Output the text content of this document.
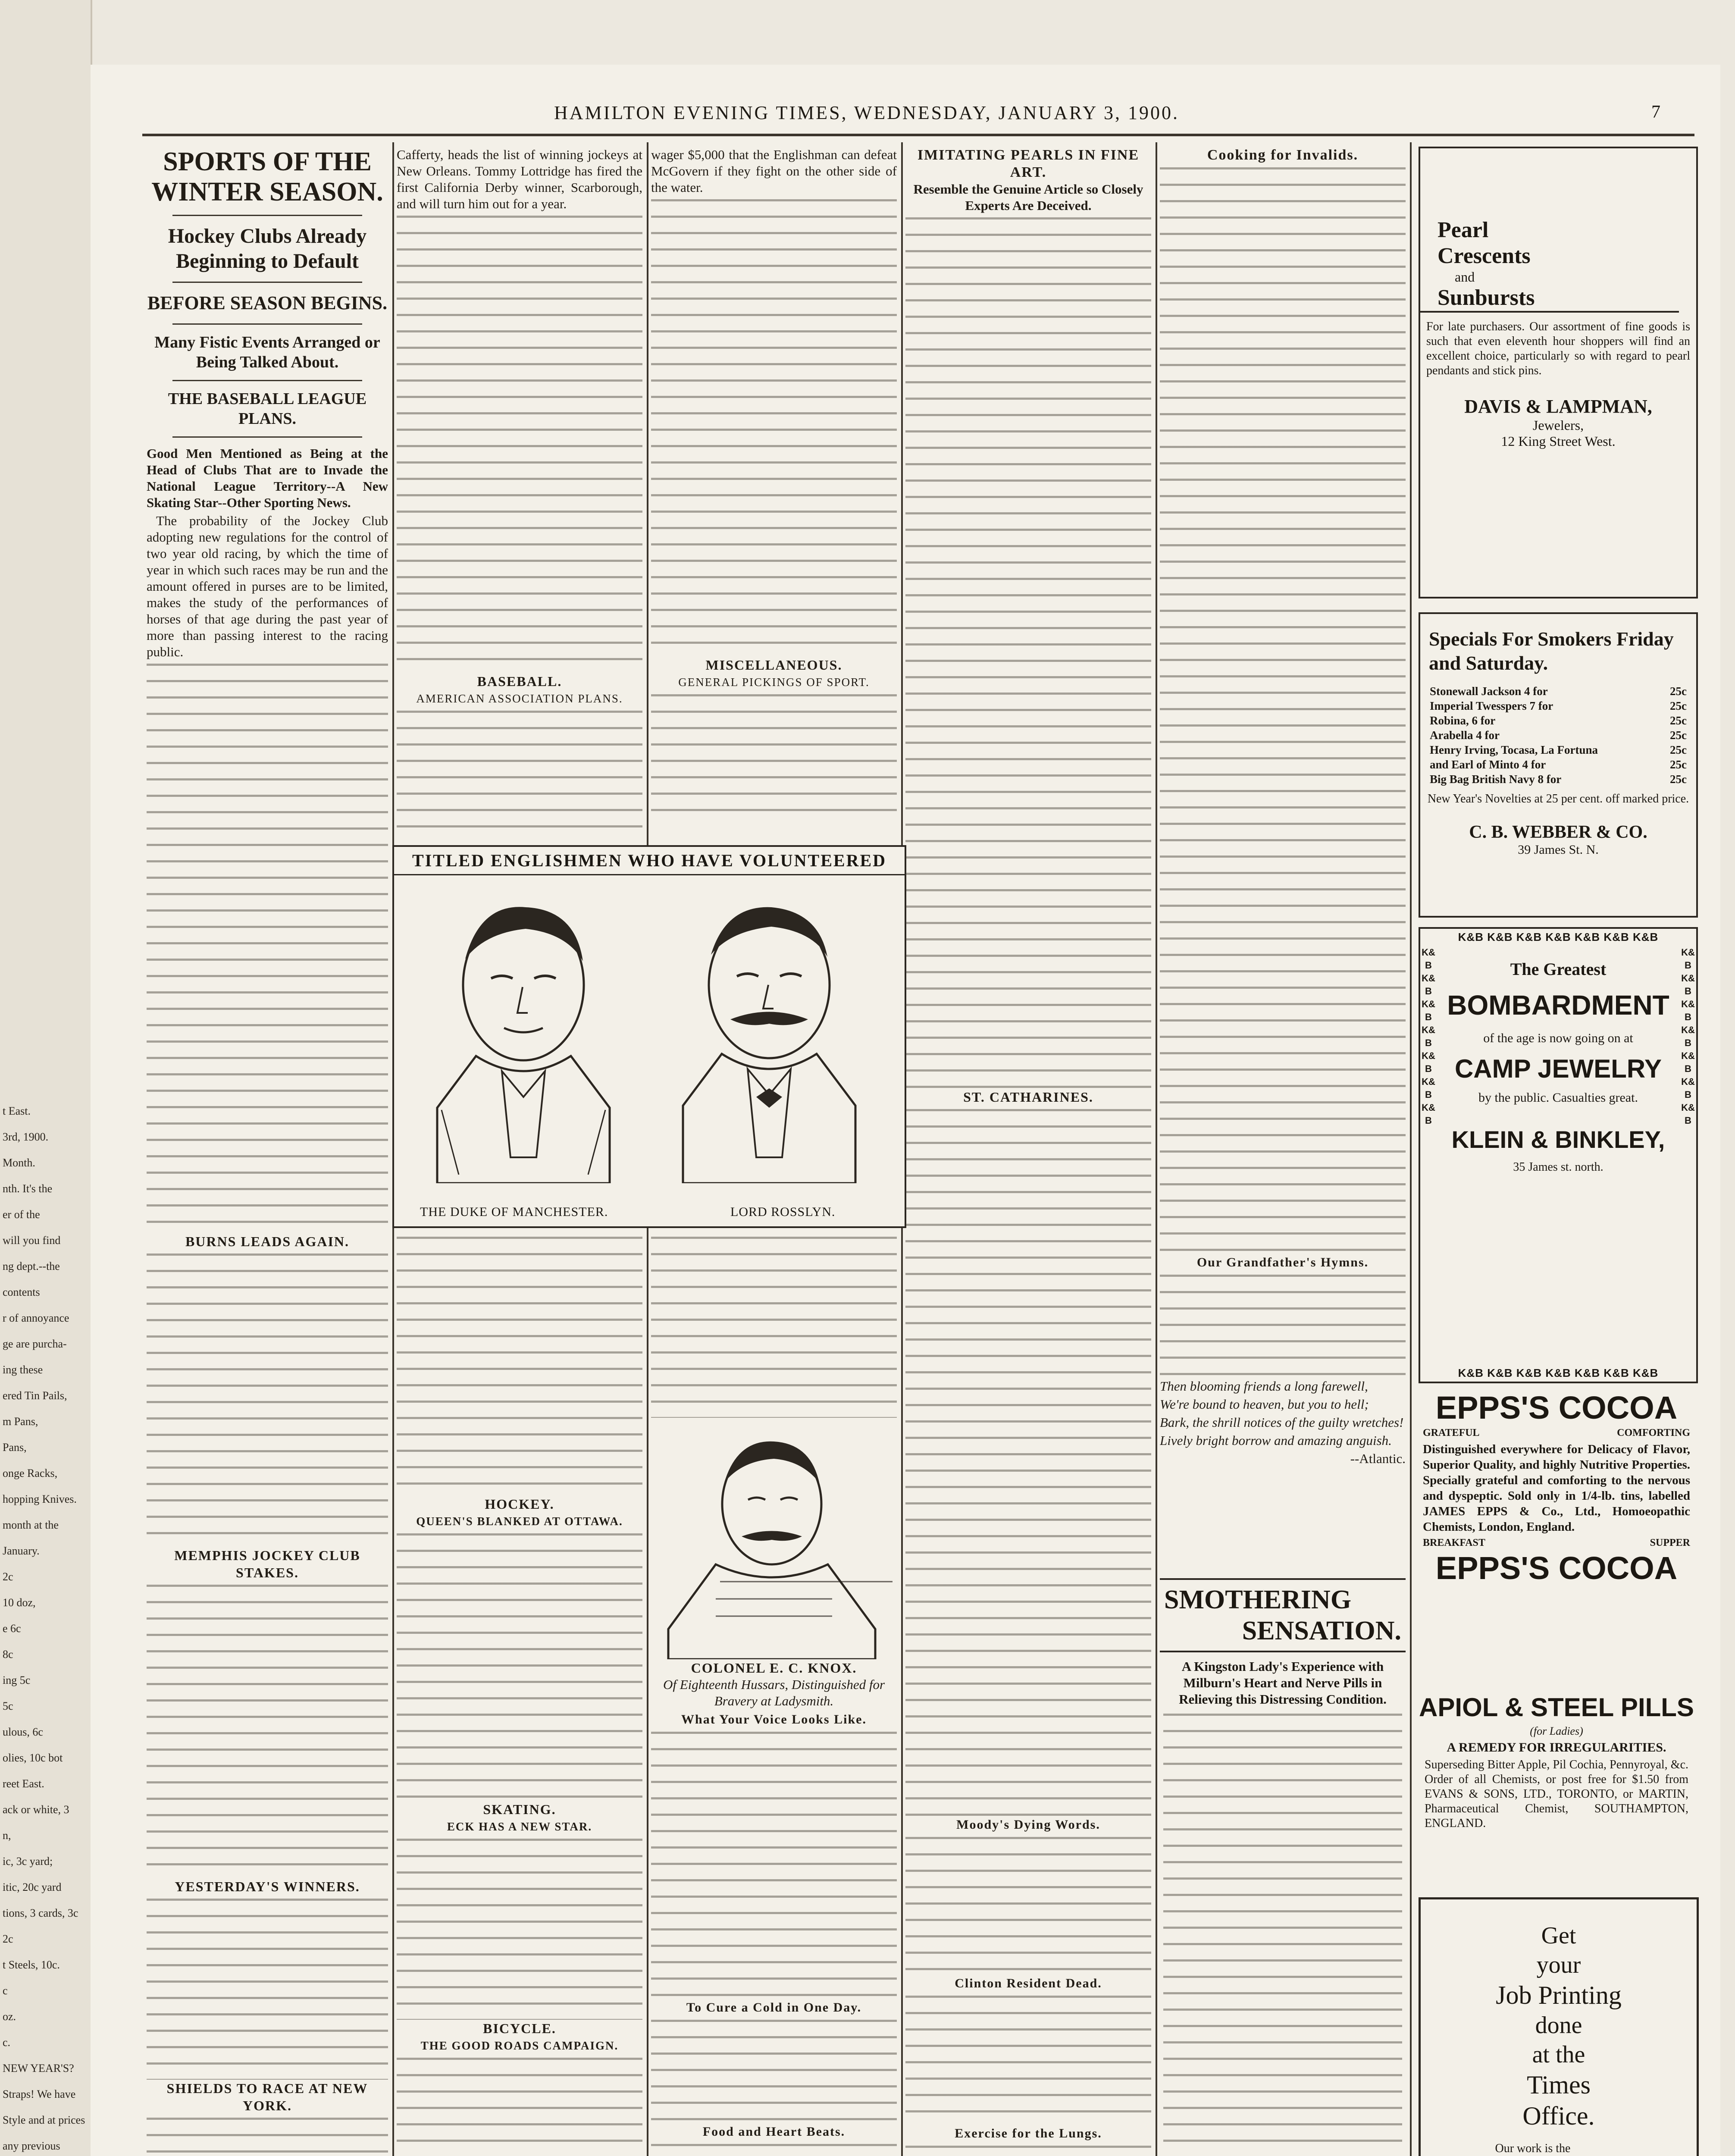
t East.
3rd, 1900.
Month.
nth. It's the
er of the
will you find
ng dept.--the
contents
r of annoyance
ge are purcha-
ing these
ered Tin Pails,
m Pans,
Pans,
onge Racks,
hopping Knives.
month at the
January.
2c
10 doz,
e 6c
8c
ing 5c
5c
ulous, 6c
olies, 10c bot
reet East.
ack or white, 3
n,
ic, 3c yard;
itic, 20c yard
tions, 3 cards, 3c
2c
t Steels, 10c.
c
oz.
c.
NEW YEAR'S?
Straps! We have
Style and at prices
any previous
HAMILTON EVENING TIMES, WEDNESDAY, JANUARY 3, 1900.	7
SPORTS OF THE WINTER SEASON.
Hockey Clubs Already Beginning to Default
BEFORE SEASON BEGINS.
Many Fistic Events Arranged or Being Talked About.
THE BASEBALL LEAGUE PLANS.

Good Men Mentioned as Being at the Head of Clubs That are to Invade the National League Territory--A New Skating Star--Other Sporting News.

The probability of the Jockey Club adopting new regulations for the control of two year old racing, by which the time of year in which such races may be run and the amount offered in purses are to be limited, makes the study of the performances of horses of that age during the past year of more than passing interest to the racing public.

BURNS LEADS AGAIN.
MEMPHIS JOCKEY CLUB STAKES.
YESTERDAY'S WINNERS.
SHIELDS TO RACE AT NEW YORK.

Cafferty, heads the list of winning jockeys at New Orleans. Tommy Lottridge has fired the first California Derby winner, Scarborough, and will turn him out for a year.

BASEBALL.
AMERICAN ASSOCIATION PLANS.

wager $5,000 that the Englishman can defeat McGovern if they fight on the other side of the water.

MISCELLANEOUS.
GENERAL PICKINGS OF SPORT.
TITLED ENGLISHMEN WHO HAVE VOLUNTEERED
THE DUKE OF MANCHESTER.	LORD ROSSLYN.
HOCKEY.
QUEEN'S BLANKED AT OTTAWA.
SKATING.
ECK HAS A NEW STAR.
BICYCLE.
THE GOOD ROADS CAMPAIGN.
COLONEL E. C. KNOX.

Of Eighteenth Hussars, Distinguished for Bravery at Ladysmith.

What Your Voice Looks Like.
To Cure a Cold in One Day.
Food and Heart Beats.
IMITATING PEARLS IN FINE ART.

Resemble the Genuine Article so Closely Experts Are Deceived.

ST. CATHARINES.
Moody's Dying Words.
Clinton Resident Dead.
Exercise for the Lungs.
Cooking for Invalids.
Our Grandfather's Hymns.

Then blooming friends a long farewell,

We're bound to heaven, but you to hell;

Bark, the shrill notices of the guilty wretches!

Lively bright borrow and amazing anguish.

--Atlantic.

SMOTHERING
SENSATION.
A Kingston Lady's Experience with Milburn's Heart and Nerve Pills in Relieving this Distressing Condition.
Pearl
Crescents
and
Sunbursts
For late purchasers. Our assortment of fine goods is such that even eleventh hour shoppers will find an excellent choice, particularly so with regard to pearl pendants and stick pins.
DAVIS & LAMPMAN,
Jewelers,
12 King Street West.
Specials For Smokers Friday and Saturday.
Stonewall Jackson 4 for	25c
Imperial Twesspers 7 for	25c
Robina, 6 for	25c
Arabella 4 for	25c
Henry Irving, Tocasa, La Fortuna	25c
and Earl of Minto 4 for	25c
Big Bag British Navy 8 for	25c
New Year's Novelties at 25 per cent. off marked price.
C. B. WEBBER & CO.
39 James St. N.
K&B K&B K&B K&B K&B K&B K&B
K&B K&B K&B K&B K&B K&B K&B
K&B K&B K&B K&B K&B K&B K&B
K&B K&B K&B K&B K&B K&B K&B
The Greatest
BOMBARDMENT
of the age is now going on at
CAMP JEWELRY
by the public. Casualties great.
KLEIN & BINKLEY,
35 James st. north.
EPPS'S COCOA
GRATEFUL	COMFORTING
Distinguished everywhere for Delicacy of Flavor, Superior Quality, and highly Nutritive Properties. Specially grateful and comforting to the nervous and dyspeptic. Sold only in 1/4-lb. tins, labelled JAMES EPPS & Co., Ltd., Homoeopathic Chemists, London, England.
BREAKFAST	SUPPER
EPPS'S COCOA
APIOL & STEEL PILLS
(for Ladies)
A REMEDY FOR IRREGULARITIES.
Superseding Bitter Apple, Pil Cochia, Pennyroyal, &c. Order of all Chemists, or post free for $1.50 from EVANS & SONS, LTD., TORONTO, or MARTIN, Pharmaceutical Chemist, SOUTHAMPTON, ENGLAND.
Get
your
Job Printing
done
at the
Times
Office.
Our work is the
